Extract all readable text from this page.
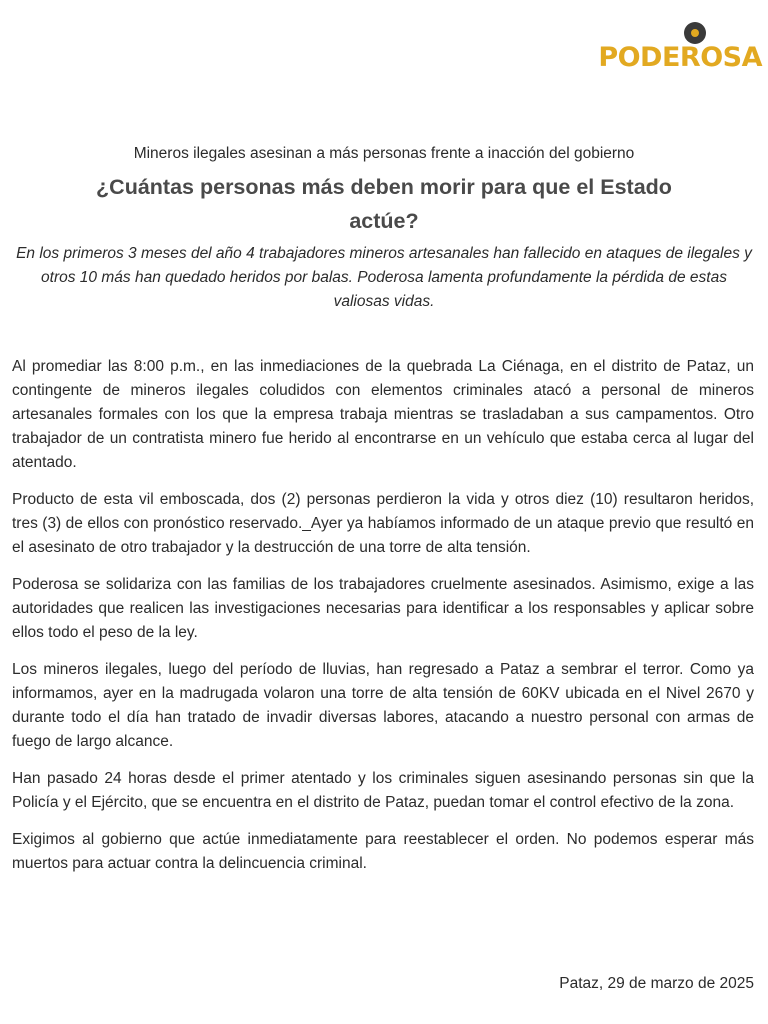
PODEROSA
Mineros ilegales asesinan a más personas frente a inacción del gobierno
¿Cuántas personas más deben morir para que el Estado actúe?
En los primeros 3 meses del año 4 trabajadores mineros artesanales han fallecido en ataques de ilegales y otros 10 más han quedado heridos por balas. Poderosa lamenta profundamente la pérdida de estas valiosas vidas.

Al promediar las 8:00 p.m., en las inmediaciones de la quebrada La Ciénaga, en el distrito de Pataz, un contingente de mineros ilegales coludidos con elementos criminales atacó a personal de mineros artesanales formales con los que la empresa trabaja mientras se trasladaban a sus campamentos. Otro trabajador de un contratista minero fue herido al encontrarse en un vehículo que estaba cerca al lugar del atentado.

Producto de esta vil emboscada, dos (2) personas perdieron la vida y otros diez (10) resultaron heridos, tres (3) de ellos con pronóstico reservado._Ayer ya habíamos informado de un ataque previo que resultó en el asesinato de otro trabajador y la destrucción de una torre de alta tensión.

Poderosa se solidariza con las familias de los trabajadores cruelmente asesinados. Asimismo, exige a las autoridades que realicen las investigaciones necesarias para identificar a los responsables y aplicar sobre ellos todo el peso de la ley.

Los mineros ilegales, luego del período de lluvias, han regresado a Pataz a sembrar el terror. Como ya informamos, ayer en la madrugada volaron una torre de alta tensión de 60KV ubicada en el Nivel 2670 y durante todo el día han tratado de invadir diversas labores, atacando a nuestro personal con armas de fuego de largo alcance.

Han pasado 24 horas desde el primer atentado y los criminales siguen asesinando personas sin que la Policía y el Ejército, que se encuentra en el distrito de Pataz, puedan tomar el control efectivo de la zona.

Exigimos al gobierno que actúe inmediatamente para reestablecer el orden. No podemos esperar más muertos para actuar contra la delincuencia criminal.

Pataz, 29 de marzo de 2025
